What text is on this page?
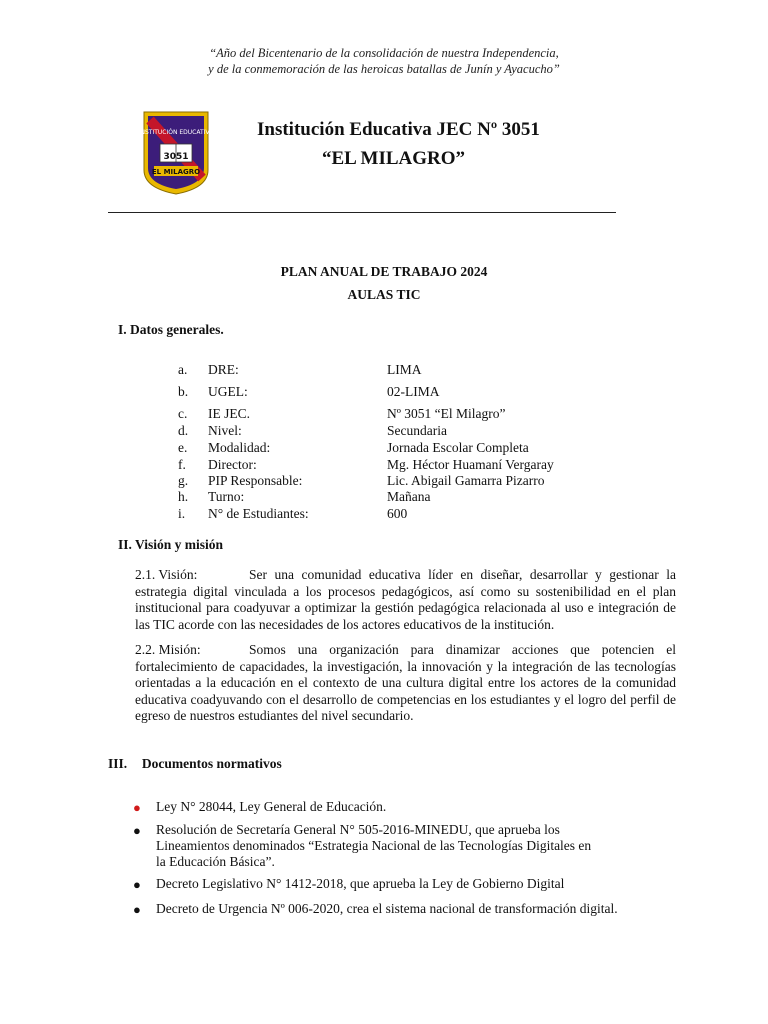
“Año del Bicentenario de la consolidación de nuestra Independencia,
y de la conmemoración de las heroicas batallas de Junín y Ayacucho”
INSTITUCIÓN EDUCATIVA
3051
EL MILAGRO
Institución Educativa JEC Nº 3051
“EL MILAGRO”
PLAN ANUAL DE TRABAJO 2024
AULAS TIC
I. Datos generales.
a. DRE:	LIMA
b. UGEL:	02-LIMA
c. IE JEC.	Nº 3051 “El Milagro”
d. Nivel:	Secundaria
e. Modalidad:	Jornada Escolar Completa
f. Director:	Mg. Héctor Huamaní Vergaray
g. PIP Responsable:	Lic. Abigail Gamarra Pizarro
h. Turno:	Mañana
i. N° de Estudiantes:	600
II. Visión y misión
2.1. Visión:	Ser una comunidad educativa líder en diseñar, desarrollar y gestionar la estrategia digital vinculada a los procesos pedagógicos, así como su sostenibilidad en el plan institucional para coadyuvar a optimizar la gestión pedagógica relacionada al uso e integración de las TIC acorde con las necesidades de los actores educativos de la institución.
2.2. Misión:	Somos una organización para dinamizar acciones que potencien el fortalecimiento de capacidades, la investigación, la innovación y la integración de las tecnologías orientadas a la educación en el contexto de una cultura digital entre los actores de la comunidad educativa coadyuvando con el desarrollo de competencias en los estudiantes y el logro del perfil de egreso de nuestros estudiantes del nivel secundario.
III. Documentos normativos
● Ley N° 28044, Ley General de Educación.
● Resolución de Secretaría General N° 505-2016-MINEDU, que aprueba los
Lineamientos denominados “Estrategia Nacional de las Tecnologías Digitales en
la Educación Básica”.
● Decreto Legislativo N° 1412-2018, que aprueba la Ley de Gobierno Digital
● Decreto de Urgencia Nº 006-2020, crea el sistema nacional de transformación digital.
